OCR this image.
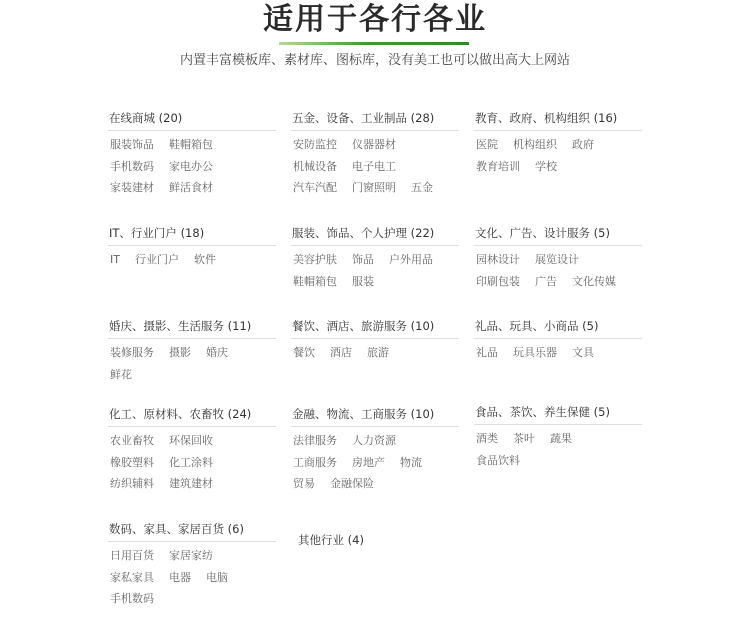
适用于各行各业

内置丰富模板库、素材库、图标库，没有美工也可以做出高大上网站

在线商城 (20)
服装饰品 鞋帽箱包
手机数码 家电办公
家装建材 鲜活食材
五金、设备、工业制品 (28)
安防监控 仪器器材
机械设备 电子电工
汽车汽配 门窗照明 五金
教育、政府、机构组织 (16)
医院 机构组织 政府
教育培训 学校
IT、行业门户 (18)
IT 行业门户 软件
服装、饰品、个人护理 (22)
美容护肤 饰品 户外用品
鞋帽箱包 服装
文化、广告、设计服务 (5)
园林设计 展览设计
印刷包装 广告 文化传媒
婚庆、摄影、生活服务 (11)
装修服务 摄影 婚庆
鲜花
餐饮、酒店、旅游服务 (10)
餐饮 酒店 旅游
礼品、玩具、小商品 (5)
礼品 玩具乐器 文具
化工、原材料、农畜牧 (24)
农业畜牧 环保回收
橡胶塑料 化工涂料
纺织辅料 建筑建材
金融、物流、工商服务 (10)
法律服务 人力资源
工商服务 房地产 物流
贸易 金融保险
食品、茶饮、养生保健 (5)
酒类 茶叶 蔬果
食品饮料
数码、家具、家居百货 (6)
日用百货 家居家纺
家私家具 电器 电脑
手机数码
其他行业 (4)
